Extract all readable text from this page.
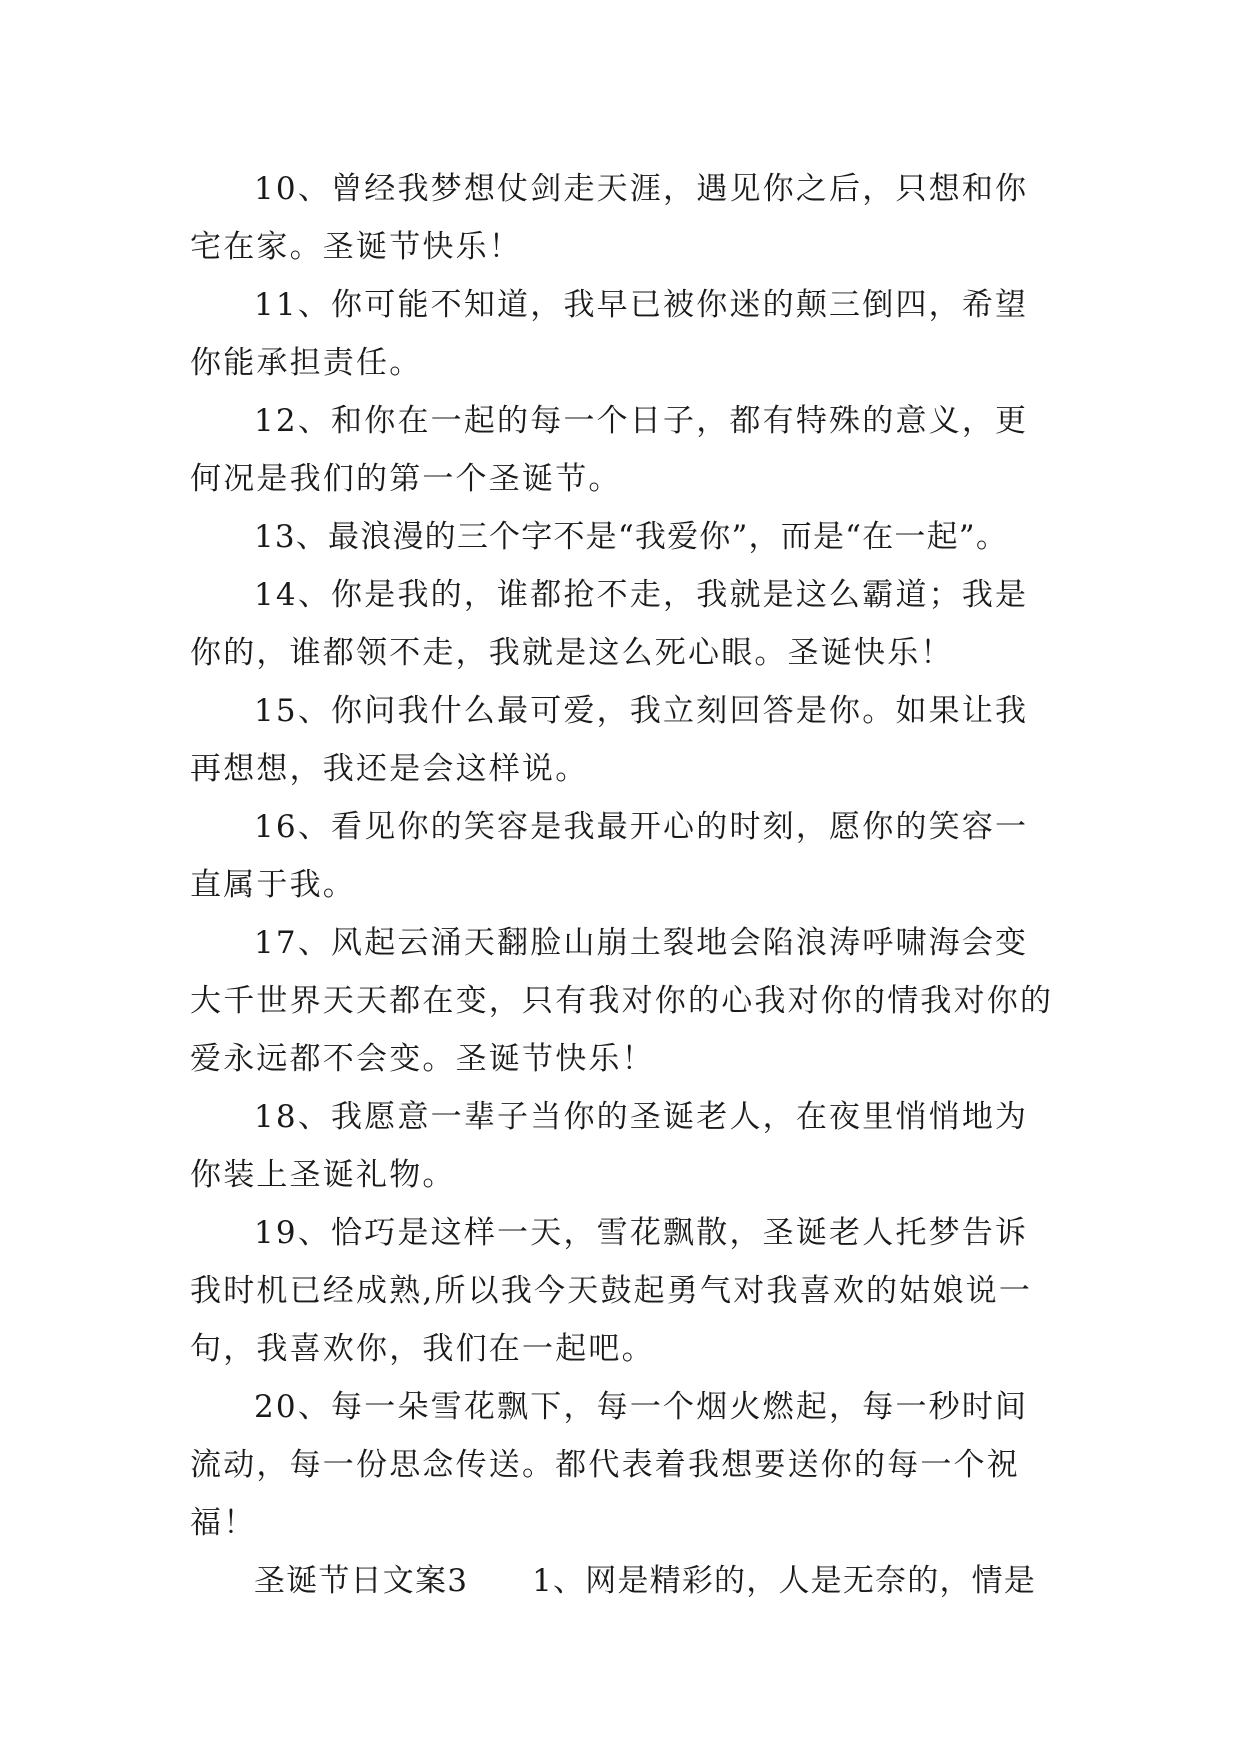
10、曾经我梦想仗剑走天涯，遇见你之后，只想和你宅在家。圣诞节快乐！

11、你可能不知道，我早已被你迷的颠三倒四，希望你能承担责任。

12、和你在一起的每一个日子，都有特殊的意义，更何况是我们的第一个圣诞节。

13、最浪漫的三个字不是“我爱你”，而是“在一起”。

14、你是我的，谁都抢不走，我就是这么霸道；我是你的，谁都领不走，我就是这么死心眼。圣诞快乐！

15、你问我什么最可爱，我立刻回答是你。如果让我再想想，我还是会这样说。

16、看见你的笑容是我最开心的时刻，愿你的笑容一直属于我。

17、风起云涌天翻脸山崩土裂地会陷浪涛呼啸海会变大千世界天天都在变，只有我对你的心我对你的情我对你的爱永远都不会变。圣诞节快乐！

18、我愿意一辈子当你的圣诞老人，在夜里悄悄地为你装上圣诞礼物。

19、恰巧是这样一天，雪花飘散，圣诞老人托梦告诉我时机已经成熟,所以我今天鼓起勇气对我喜欢的姑娘说一句，我喜欢你，我们在一起吧。

20、每一朵雪花飘下，每一个烟火燃起，每一秒时间流动，每一份思念传送。都代表着我想要送你的每一个祝福！

圣诞节日文案3 1、网是精彩的，人是无奈的，情是
